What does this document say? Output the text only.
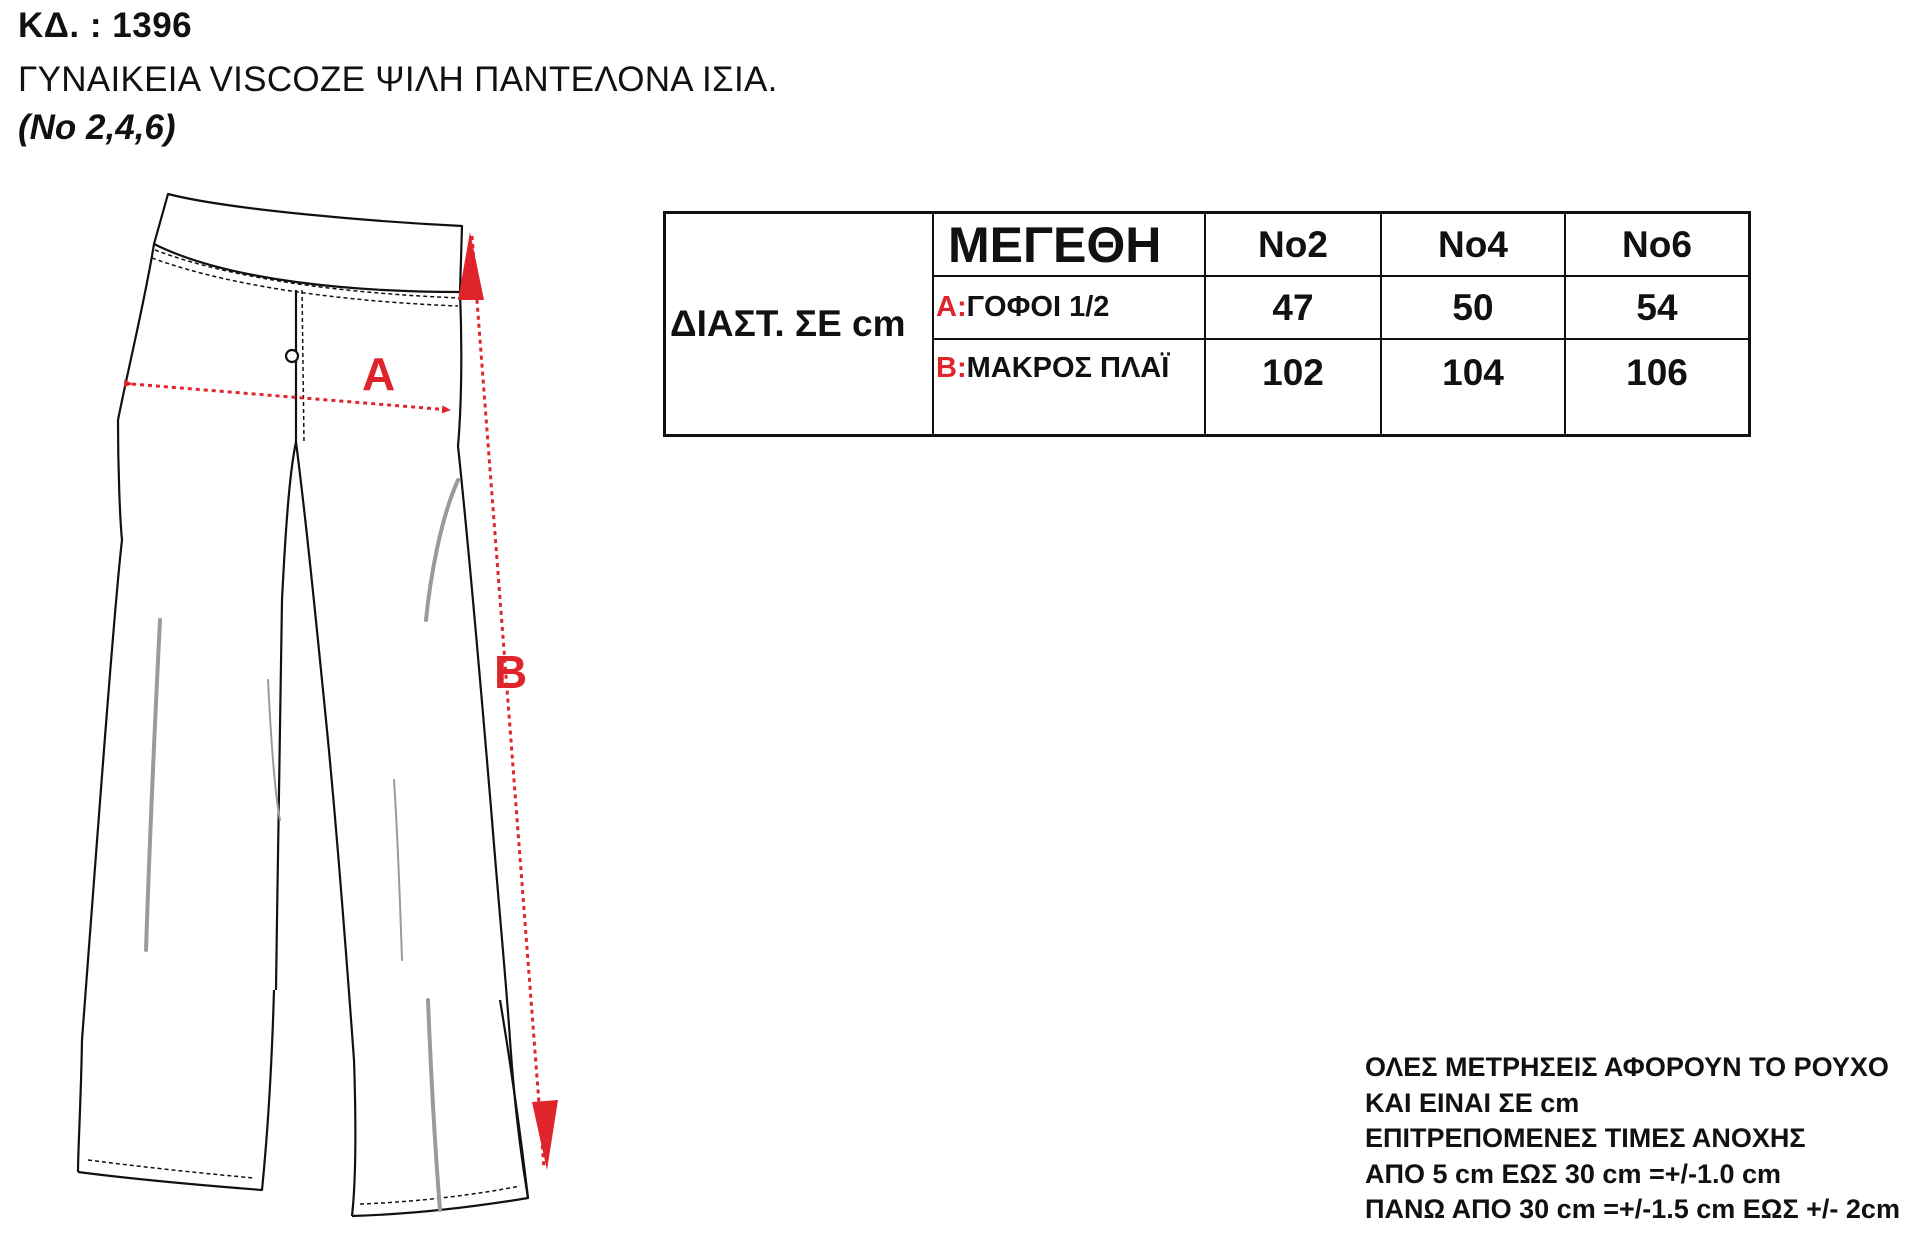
ΚΔ. : 1396
ΓΥΝΑΙΚΕΙΑ VISCOZE ΨΙΛΗ ΠΑΝΤΕΛΟΝΑ ΙΣΙΑ.
(Νο 2,4,6)
A
B
ΔΙΑΣΤ. ΣΕ cm	ΜΕΓΕΘΗ	Νο2	Νο4	Νο6
	A:ΓΟΦΟΙ 1/2	47	50	54
	B:ΜΑΚΡΟΣ ΠΛΑΪ	102	104	106
ΟΛΕΣ ΜΕΤΡΗΣΕΙΣ ΑΦΟΡΟΥΝ ΤΟ ΡΟΥΧΟ
ΚΑΙ ΕΙΝΑΙ ΣΕ cm
ΕΠΙΤΡΕΠΟΜΕΝΕΣ ΤΙΜΕΣ ΑΝΟΧΗΣ
ΑΠΟ 5 cm ΕΩΣ 30 cm =+/-1.0 cm
ΠΑΝΩ ΑΠΟ 30 cm =+/-1.5 cm ΕΩΣ +/- 2cm
